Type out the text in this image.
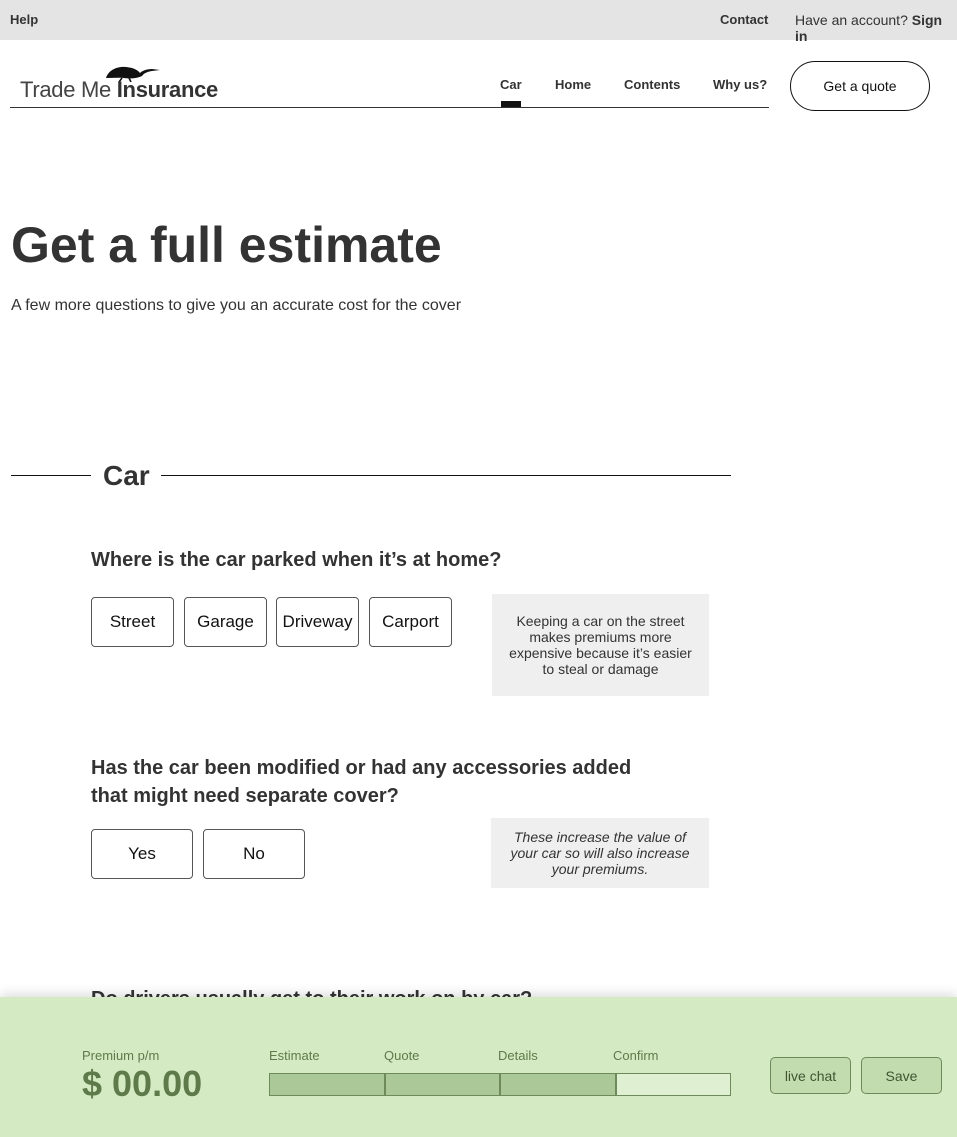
Help	Contact Have an account? Sign in
Trade Me Insurance	Car	Home	Contents	Why us?	Get a quote
Get a full estimate

A few more questions to give you an accurate cost for the cover

Car
Where is the car parked when it’s at home?
Street	Garage	Driveway	Carport	Keeping a car on the street makes premiums more expensive because it’s easier to steal or damage
Has the car been modified or had any accessories added that might need separate cover?
Yes	No
These increase the value of your car so will also increase your premiums.
Premium p/m
$ 00.00
Estimate	Quote	Details	Confirm
live chat	Save
